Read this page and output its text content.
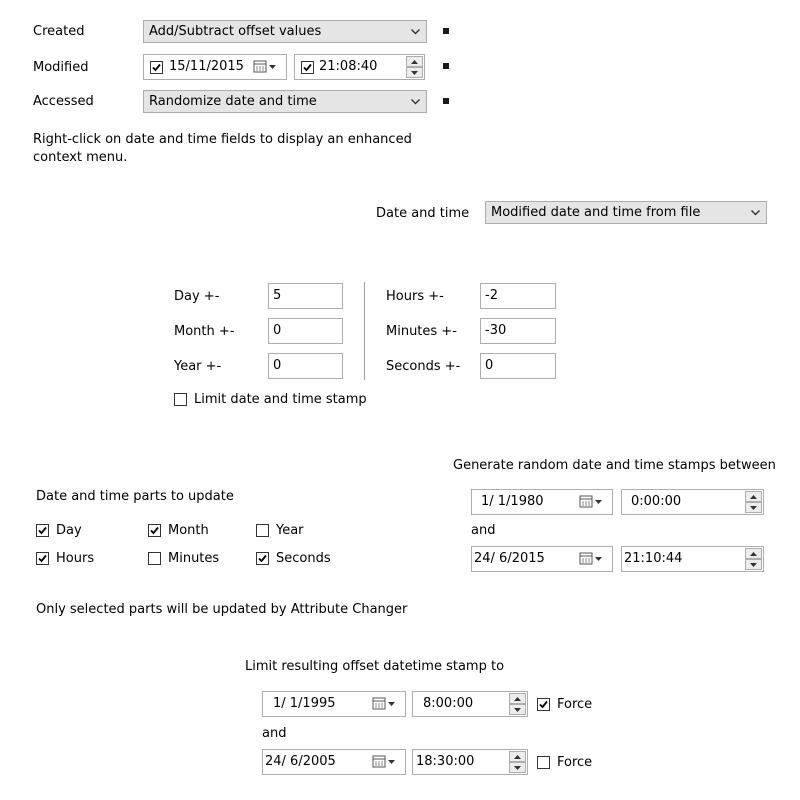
Created	Add/Subtract offset values
Modified	15/11/2015	21:08:40
Accessed	Randomize date and time
Right-click on date and time fields to display an enhanced context menu.
Date and time Modified date and time from file
Day +-	5
Month +-	0
Year +-	0
Hours +-	-2
Minutes +- -30
Seconds +- 0
Limit date and time stamp
Date and time parts to update
Day	Month	Year
Hours	Minutes	Seconds
Only selected parts will be updated by Attribute Changer
Generate random date and time stamps between
1/ 1/1980	0:00:00
and
24/ 6/2015	21:10:44
Limit resulting offset datetime stamp to
1/ 1/1995	8:00:00	Force
and
24/ 6/2005	18:30:00	Force
